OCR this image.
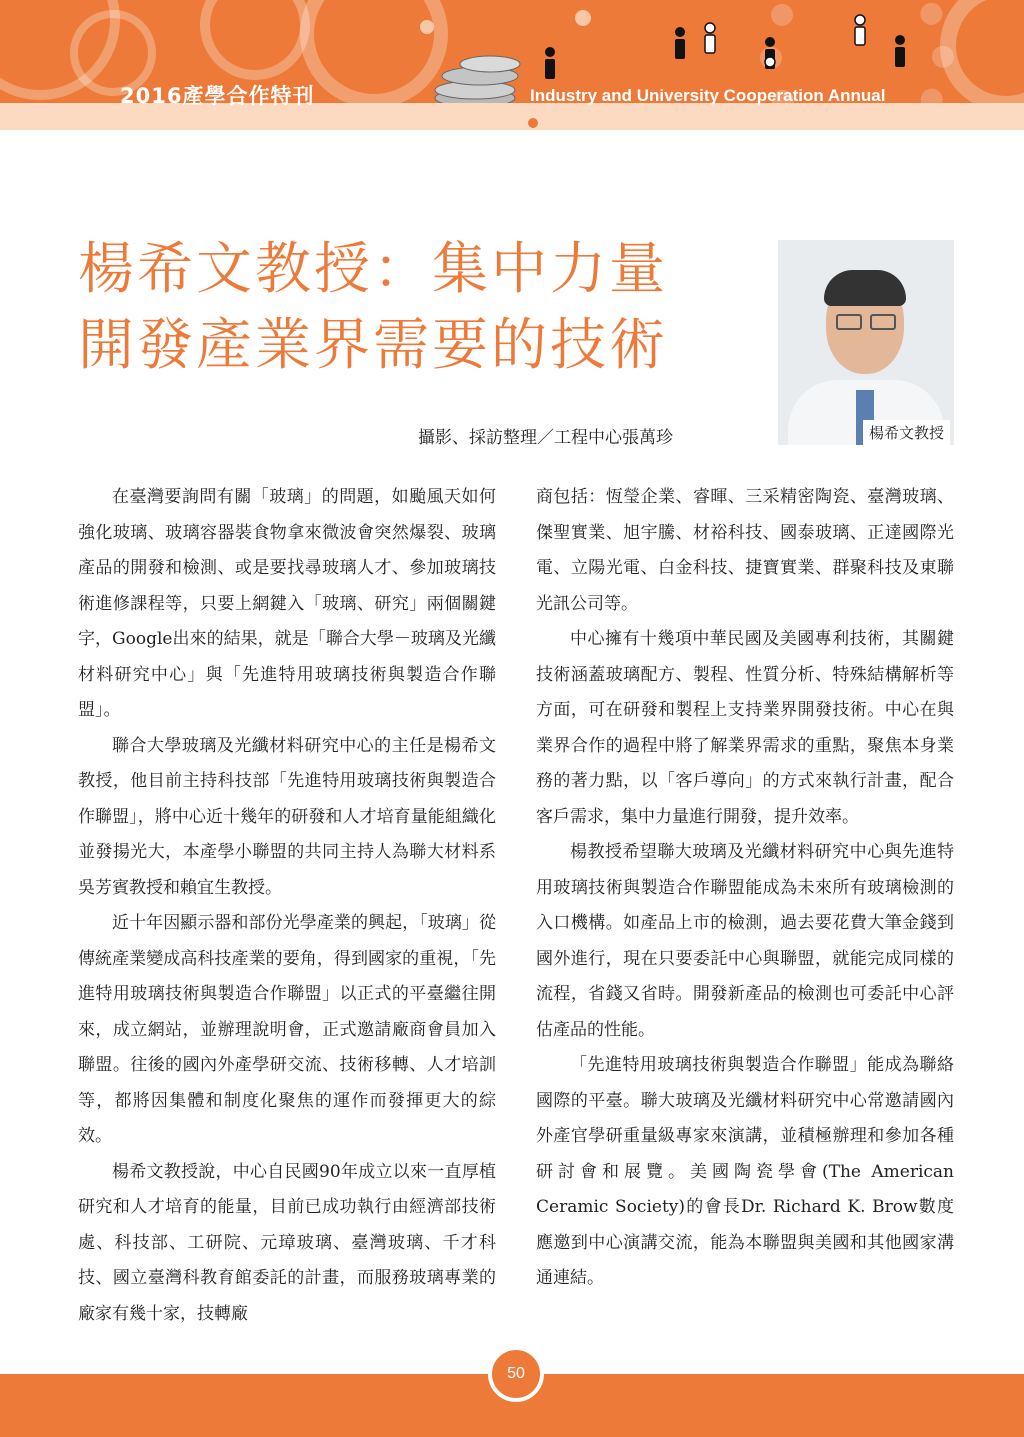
2016產學合作特刊	Industry and University Cooperation Annual
楊希文教授：集中力量
開發產業界需要的技術
攝影、採訪整理／工程中心張萬珍	楊希文教授

在臺灣要詢問有關「玻璃」的問題，如颱風天如何強化玻璃、玻璃容器裝食物拿來微波會突然爆裂、玻璃產品的開發和檢測、或是要找尋玻璃人才、參加玻璃技術進修課程等，只要上網鍵入「玻璃、研究」兩個關鍵字，Google出來的結果，就是「聯合大學－玻璃及光纖材料研究中心」與「先進特用玻璃技術與製造合作聯盟」。

聯合大學玻璃及光纖材料研究中心的主任是楊希文教授，他目前主持科技部「先進特用玻璃技術與製造合作聯盟」，將中心近十幾年的研發和人才培育量能組織化並發揚光大，本產學小聯盟的共同主持人為聯大材料系吳芳賓教授和賴宜生教授。

近十年因顯示器和部份光學產業的興起，「玻璃」從傳統產業變成高科技產業的要角，得到國家的重視，「先進特用玻璃技術與製造合作聯盟」以正式的平臺繼往開來，成立網站，並辦理說明會，正式邀請廠商會員加入聯盟。往後的國內外產學研交流、技術移轉、人才培訓等，都將因集體和制度化聚焦的運作而發揮更大的綜效。

楊希文教授說，中心自民國90年成立以來一直厚植研究和人才培育的能量，目前已成功執行由經濟部技術處、科技部、工研院、元璋玻璃、臺灣玻璃、千才科技、國立臺灣科教育館委託的計畫，而服務玻璃專業的廠家有幾十家，技轉廠

商包括：恆瑩企業、睿暉、三采精密陶瓷、臺灣玻璃、傑聖實業、旭宇騰、材裕科技、國泰玻璃、正達國際光電、立陽光電、白金科技、捷寶實業、群聚科技及東聯光訊公司等。

中心擁有十幾項中華民國及美國專利技術，其關鍵技術涵蓋玻璃配方、製程、性質分析、特殊結構解析等方面，可在研發和製程上支持業界開發技術。中心在與業界合作的過程中將了解業界需求的重點，聚焦本身業務的著力點，以「客戶導向」的方式來執行計畫，配合客戶需求，集中力量進行開發，提升效率。

楊教授希望聯大玻璃及光纖材料研究中心與先進特用玻璃技術與製造合作聯盟能成為未來所有玻璃檢測的入口機構。如產品上市的檢測，過去要花費大筆金錢到國外進行，現在只要委託中心與聯盟，就能完成同樣的流程，省錢又省時。開發新產品的檢測也可委託中心評估產品的性能。

「先進特用玻璃技術與製造合作聯盟」能成為聯絡國際的平臺。聯大玻璃及光纖材料研究中心常邀請國內外產官學研重量級專家來演講，並積極辦理和參加各種研討會和展覽。美國陶瓷學會(The American Ceramic Society)的會長Dr. Richard K. Brow數度應邀到中心演講交流，能為本聯盟與美國和其他國家溝通連結。

50
